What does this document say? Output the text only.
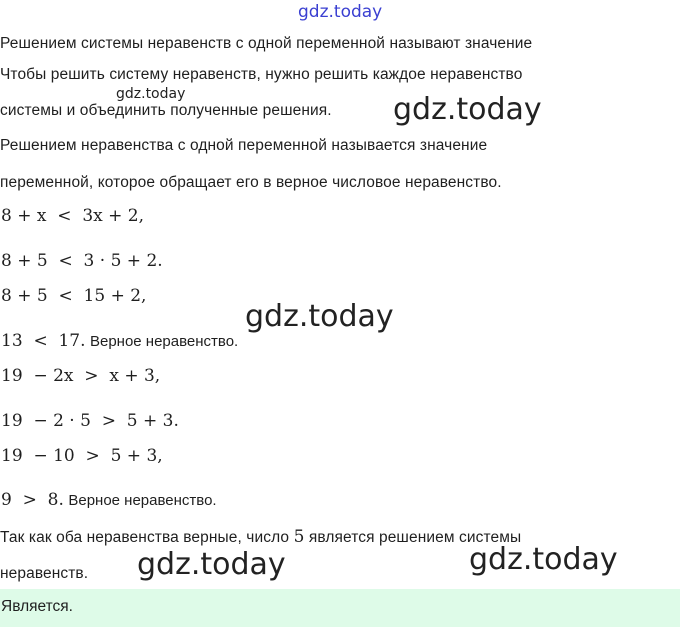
gdz.today
Решением системы неравенств с одной переменной называют значение
Чтобы решить систему неравенств, нужно решить каждое неравенство
gdz.today
системы и объединить полученные решения. gdz.today
Решением неравенства с одной переменной называется значение
переменной, которое обращает его в верное числовое неравенство.
8 + x  <  3x + 2,
8 + 5  <  3 · 5 + 2.
8 + 5  <  15 + 2,
gdz.today
13  <  17. Верное неравенство.
19  − 2x  >  x + 3,
19  − 2 · 5  >  5 + 3.
19  − 10  >  5 + 3,
9  >  8. Верное неравенство.
Так как оба неравенства верные, число 5 является решением системы
неравенств. gdz.today	gdz.today
Является.
